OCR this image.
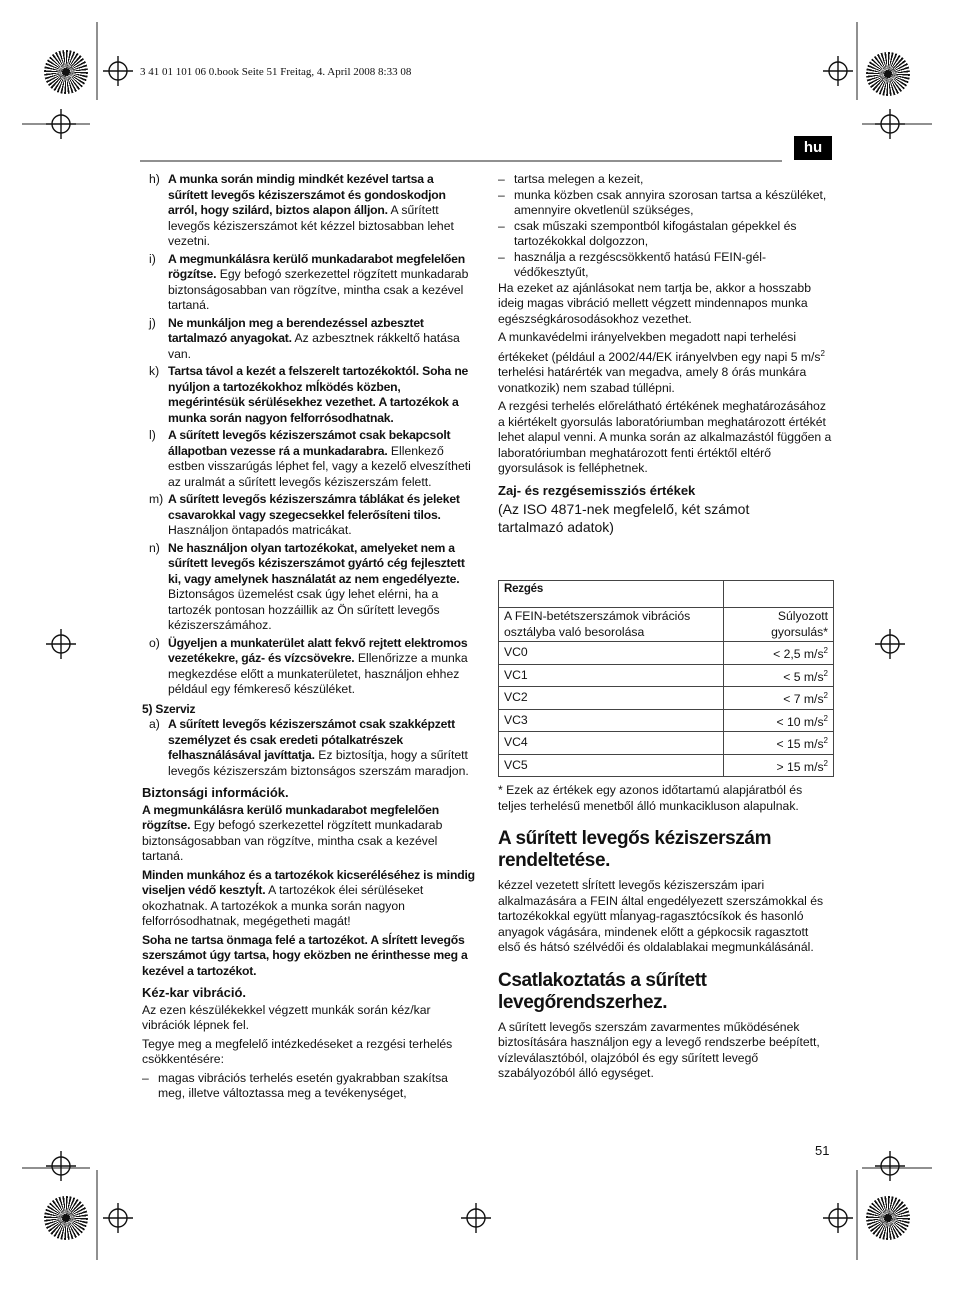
3 41 01 101 06 0.book Seite 51 Freitag, 4. April 2008 8:33 08
hu
h) A munka során mindig mindkét kezével tartsa a sűrített levegős kéziszerszámot és gondoskodjon arról, hogy szilárd, biztos alapon álljon. A sűrített levegős kéziszerszámot két kézzel biztosabban lehet vezetni.
i) A megmunkálásra kerülő munkadarabot megfelelően rögzítse. Egy befogó szerkezettel rögzített munkadarab biztonságosabban van rögzítve, mintha csak a kezével tartaná.
j) Ne munkáljon meg a berendezéssel azbesztet tartalmazó anyagokat. Az azbesztnek rákkeltő hatása van.
k) Tartsa távol a kezét a felszerelt tartozékoktól. Soha ne nyúljon a tartozékokhoz mĺködés közben, megérintésük sérülésekhez vezethet. A tartozékok a munka során nagyon felforrósodhatnak.
l) A sűrített levegős kéziszerszámot csak bekapcsolt állapotban vezesse rá a munkadarabra. Ellenkező estben visszarúgás léphet fel, vagy a kezelő elveszítheti az uralmát a sűrített levegős kéziszerszám felett.
m) A sűrített levegős kéziszerszámra táblákat és jeleket csavarokkal vagy szegecsekkel felerősíteni tilos. Használjon öntapadós matricákat.
n) Ne használjon olyan tartozékokat, amelyeket nem a sűrített levegős kéziszerszámot gyártó cég fejlesztett ki, vagy amelynek használatát az nem engedélyezte. Biztonságos üzemelést csak úgy lehet elérni, ha a tartozék pontosan hozzáillik az Ön sűrített levegős kéziszerszámához.
o) Ügyeljen a munkaterület alatt fekvő rejtett elektromos vezetékekre, gáz- és vízcsövekre. Ellenőrizze a munka megkezdése előtt a munkaterületet, használjon ehhez például egy fémkereső készüléket.
5) Szerviz
a) A sűrített levegős kéziszerszámot csak szakképzett személyzet és csak eredeti pótalkatrészek felhasználásával javíttatja. Ez biztosítja, hogy a sűrített levegős kéziszerszám biztonságos szerszám maradjon.
Biztonsági információk.

A megmunkálásra kerülő munkadarabot megfelelően rögzítse. Egy befogó szerkezettel rögzített munkadarab biztonságosabban van rögzítve, mintha csak a kezével tartaná.

Minden munkához és a tartozékok kicseréléséhez is mindig viseljen védő kesztyĺt. A tartozékok élei sérüléseket okozhatnak. A tartozékok a munka során nagyon felforrósodhatnak, megégetheti magát!

Soha ne tartsa önmaga felé a tartozékot. A sĺrített levegős szerszámot úgy tartsa, hogy eközben ne érinthesse meg a kezével a tartozékot.

Kéz-kar vibráció.

Az ezen készülékekkel végzett munkák során kéz/kar vibrációk lépnek fel.

Tegye meg a megfelelő intézkedéseket a rezgési terhelés csökkentésére:

– magas vibrációs terhelés esetén gyakrabban szakítsa meg, illetve változtassa meg a tevékenységet,
– tartsa melegen a kezeit,
– munka közben csak annyira szorosan tartsa a készüléket, amennyire okvetlenül szükséges,
– csak műszaki szempontból kifogástalan gépekkel és tartozékokkal dolgozzon,
– használja a rezgéscsökkentő hatású FEIN-gél-védőkesztyűt,

Ha ezeket az ajánlásokat nem tartja be, akkor a hosszabb ideig magas vibráció mellett végzett mindennapos munka egészségkárosodásokhoz vezethet.

A munkavédelmi irányelvekben megadott napi terhelési értékeket (például a 2002/44/EK irányelvben egy napi 5 $m/s^2$ terhelési határérték van megadva, amely 8 órás munkára vonatkozik) nem szabad túllépni.

A rezgési terhelés előrelátható értékének meghatározásához a kiértékelt gyorsulás laboratóriumban meghatározott értékét lehet alapul venni. A munka során az alkalmazástól függően a laboratóriumban meghatározott fenti értéktől eltérő gyorsulások is felléphetnek.

Zaj- és rezgésemissziós értékek
(Az ISO 4871-nek megfelelő, két számot tartalmazó adatok)
Rezgés	
A FEIN-betétszerszámok vibrációs osztályba való besorolása	Súlyozott gyorsulás*
VC0	< 2,5 $m/s^2$
VC1	< 5 $m/s^2$
VC2	< 7 $m/s^2$
VC3	< 10 $m/s^2$
VC4	< 15 $m/s^2$
VC5	> 15 $m/s^2$

* Ezek az értékek egy azonos időtartamú alapjáratból és teljes terhelésű menetből álló munkacikluson alapulnak.

A sűrített levegős kéziszerszám rendeltetése.

kézzel vezetett sĺrített levegős kéziszerszám ipari alkalmazására a FEIN által engedélyezett szerszámokkal és tartozékokkal együtt mĺanyag-ragasztócsíkok és hasonló anyagok vágására, mindenek előtt a gépkocsik ragasztott első és hátsó szélvédői és oldalablakai megmunkálásánál.

Csatlakoztatás a sűrített levegőrendszerhez.

A sűrített levegős szerszám zavarmentes működésének biztosítására használjon egy a levegő rendszerbe beépített, vízleválasztóból, olajzóból és egy sűrített levegő szabályozóból álló egységet.

51
